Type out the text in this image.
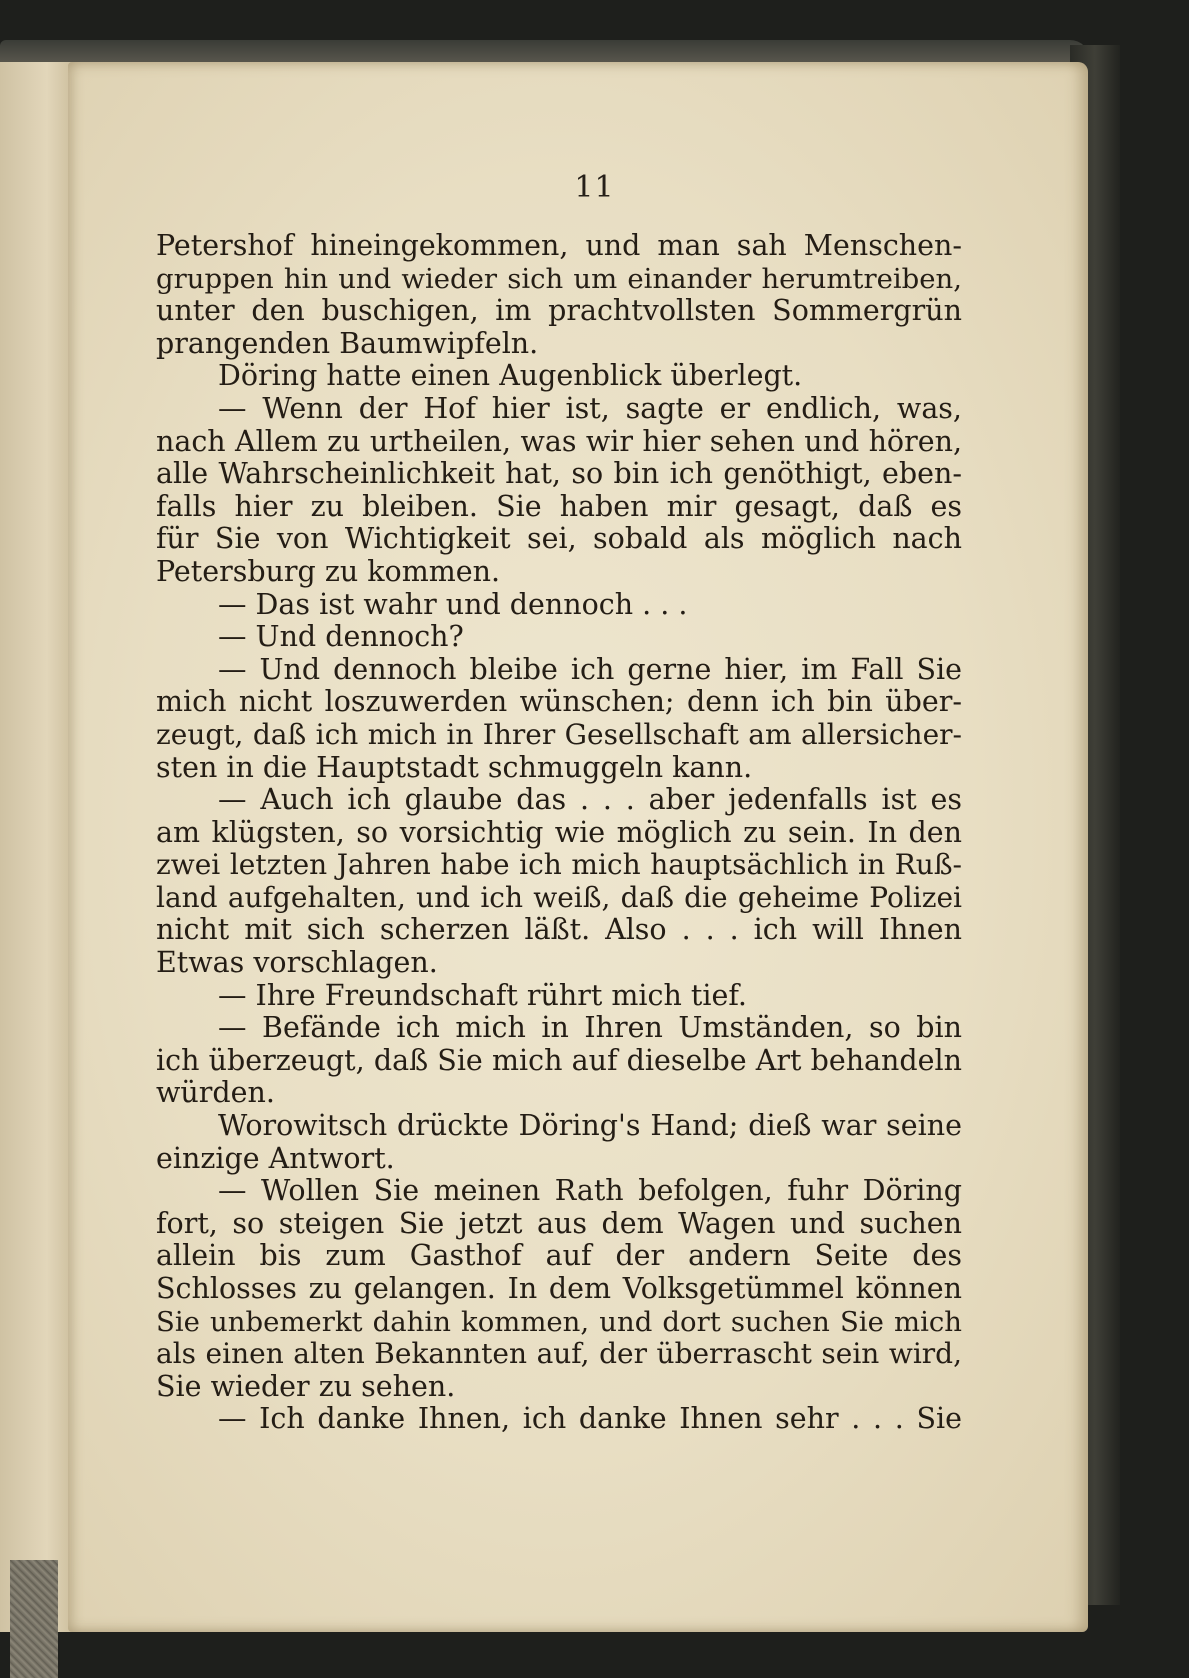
11
Petershof hineingekommen, und man sah Menschen-
gruppen hin und wieder sich um einander herumtreiben,
unter den buschigen, im prachtvollsten Sommergrün
prangenden Baumwipfeln.
Döring hatte einen Augenblick überlegt.
— Wenn der Hof hier ist, sagte er endlich, was,
nach Allem zu urtheilen, was wir hier sehen und hören,
alle Wahrscheinlichkeit hat, so bin ich genöthigt, eben-
falls hier zu bleiben. Sie haben mir gesagt, daß es
für Sie von Wichtigkeit sei, sobald als möglich nach
Petersburg zu kommen.
— Das ist wahr und dennoch . . .
— Und dennoch?
— Und dennoch bleibe ich gerne hier, im Fall Sie
mich nicht loszuwerden wünschen; denn ich bin über-
zeugt, daß ich mich in Ihrer Gesellschaft am allersicher-
sten in die Hauptstadt schmuggeln kann.
— Auch ich glaube das . . . aber jedenfalls ist es
am klügsten, so vorsichtig wie möglich zu sein. In den
zwei letzten Jahren habe ich mich hauptsächlich in Ruß-
land aufgehalten, und ich weiß, daß die geheime Polizei
nicht mit sich scherzen läßt. Also . . . ich will Ihnen
Etwas vorschlagen.
— Ihre Freundschaft rührt mich tief.
— Befände ich mich in Ihren Umständen, so bin
ich überzeugt, daß Sie mich auf dieselbe Art behandeln
würden.
Worowitsch drückte Döring's Hand; dieß war seine
einzige Antwort.
— Wollen Sie meinen Rath befolgen, fuhr Döring
fort, so steigen Sie jetzt aus dem Wagen und suchen
allein bis zum Gasthof auf der andern Seite des
Schlosses zu gelangen. In dem Volksgetümmel können
Sie unbemerkt dahin kommen, und dort suchen Sie mich
als einen alten Bekannten auf, der überrascht sein wird,
Sie wieder zu sehen.
— Ich danke Ihnen, ich danke Ihnen sehr . . . Sie
